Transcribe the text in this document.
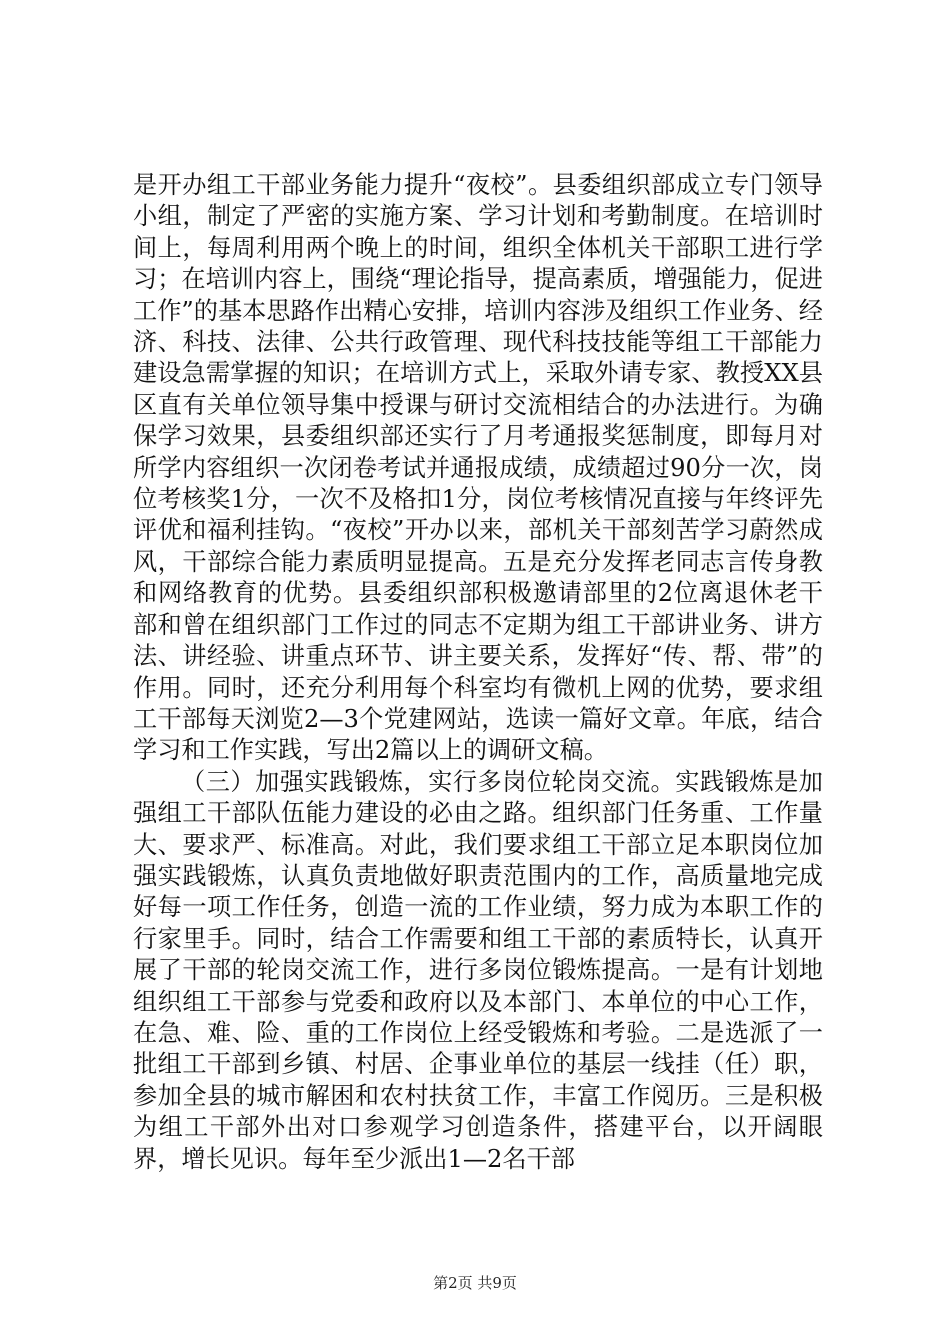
是开办组工干部业务能力提升“夜校”。县委组织部成立专门领导小组，制定了严密的实施方案、学习计划和考勤制度。在培训时间上，每周利用两个晚上的时间，组织全体机关干部职工进行学习；在培训内容上，围绕“理论指导，提高素质，增强能力，促进工作”的基本思路作出精心安排，培训内容涉及组织工作业务、经济、科技、法律、公共行政管理、现代科技技能等组工干部能力建设急需掌握的知识；在培训方式上，采取外请专家、教授XX县区直有关单位领导集中授课与研讨交流相结合的办法进行。为确保学习效果，县委组织部还实行了月考通报奖惩制度，即每月对所学内容组织一次闭卷考试并通报成绩，成绩超过90分一次，岗位考核奖1分，一次不及格扣1分，岗位考核情况直接与年终评先评优和福利挂钩。“夜校”开办以来，部机关干部刻苦学习蔚然成风，干部综合能力素质明显提高。五是充分发挥老同志言传身教和网络教育的优势。县委组织部积极邀请部里的2位离退休老干部和曾在组织部门工作过的同志不定期为组工干部讲业务、讲方法、讲经验、讲重点环节、讲主要关系，发挥好“传、帮、带”的作用。同时，还充分利用每个科室均有微机上网的优势，要求组工干部每天浏览2—3个党建网站，选读一篇好文章。年底，结合学习和工作实践，写出2篇以上的调研文稿。

（三）加强实践锻炼，实行多岗位轮岗交流。实践锻炼是加强组工干部队伍能力建设的必由之路。组织部门任务重、工作量大、要求严、标准高。对此，我们要求组工干部立足本职岗位加强实践锻炼，认真负责地做好职责范围内的工作，高质量地完成好每一项工作任务，创造一流的工作业绩，努力成为本职工作的行家里手。同时，结合工作需要和组工干部的素质特长，认真开展了干部的轮岗交流工作，进行多岗位锻炼提高。一是有计划地组织组工干部参与党委和政府以及本部门、本单位的中心工作，在急、难、险、重的工作岗位上经受锻炼和考验。二是选派了一批组工干部到乡镇、村居、企事业单位的基层一线挂（任）职，参加全县的城市解困和农村扶贫工作，丰富工作阅历。三是积极为组工干部外出对口参观学习创造条件，搭建平台，以开阔眼界，增长见识。每年至少派出1—2名干部

第2页 共9页
